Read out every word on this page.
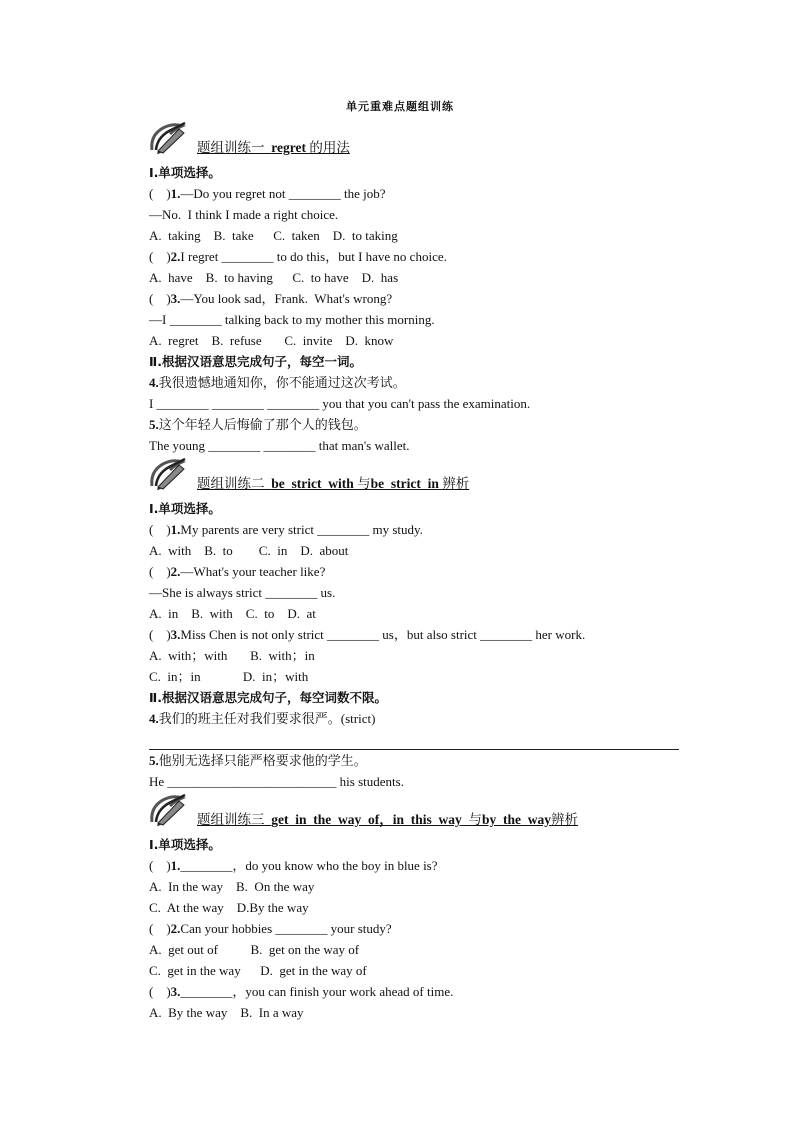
单元重难点题组训练
题组训练一 regret 的用法
Ⅰ.单项选择。
(    )1.—Do you regret not ________ the job?
—No.  I think I made a right choice.
A.  taking    B.  take      C.  taken    D.  to taking
(    )2.I regret ________ to do this，but I have no choice.
A.  have    B.  to having      C.  to have    D.  has
(    )3.—You look sad，Frank.  What's wrong?
—I ________ talking back to my mother this morning.
A.  regret    B.  refuse       C.  invite    D.  know
Ⅱ.根据汉语意思完成句子，每空一词。
4.我很遗憾地通知你，你不能通过这次考试。
I ________ ________ ________ you that you can't pass the examination.
5.这个年轻人后悔偷了那个人的钱包。
The young ________ ________ that man's wallet.
题组训练二 be  strict  with 与be  strict  in 辨析
Ⅰ.单项选择。
(    )1.My parents are very strict ________ my study.
A.  with    B.  to        C.  in    D.  about
(    )2.—What's your teacher like?
—She is always strict ________ us.
A.  in    B.  with    C.  to    D.  at
(    )3.Miss Chen is not only strict ________ us，but also strict ________ her work.
A.  with；with       B.  with；in
C.  in；in             D.  in；with
Ⅱ.根据汉语意思完成句子，每空词数不限。
4.我们的班主任对我们要求很严。(strict)
5.他别无选择只能严格要求他的学生。
He __________________________ his students.
题组训练三 get  in  the  way  of，in  this  way 与by  the  way辨析
Ⅰ.单项选择。
(    )1.________，do you know who the boy in blue is?
A.  In the way    B.  On the way
C.  At the way    D.By the way
(    )2.Can your hobbies ________ your study?
A.  get out of          B.  get on the way of
C.  get in the way      D.  get in the way of
(    )3.________，you can finish your work ahead of time.
A.  By the way    B.  In a way
